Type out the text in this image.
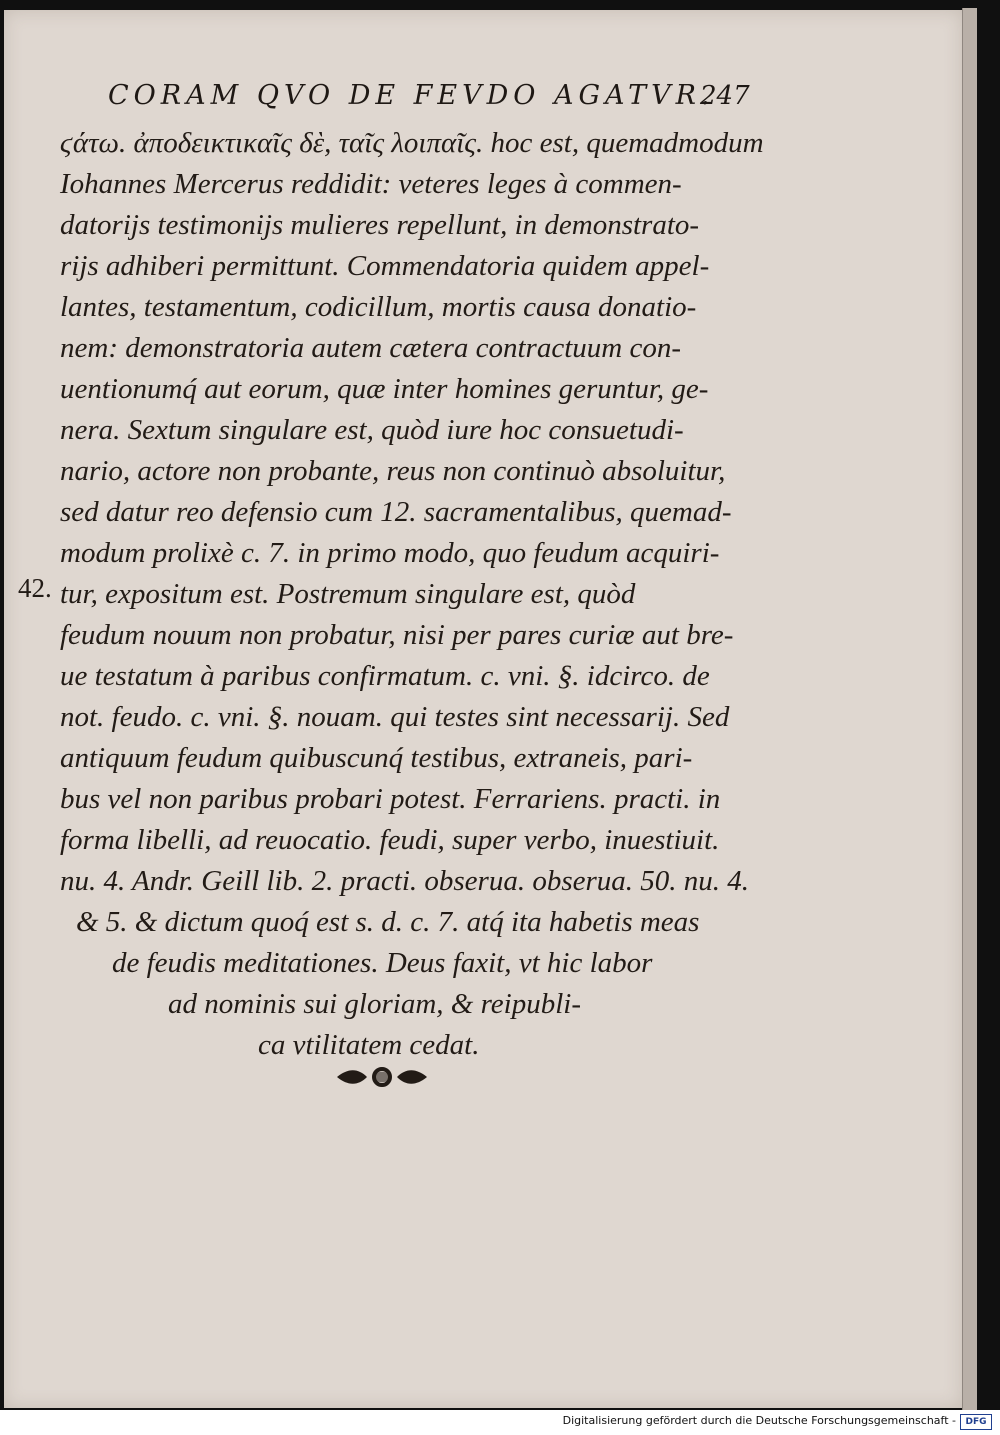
CORAM QVO DE FEVDO AGATVR.
247
42.
ϛάτω. ἀποδεικτικαῖς δὲ, ταῖς λοιπαῖς. hoc est, quemadmodum
Iohannes Mercerus reddidit: veteres leges à commen-
datorijs testimonijs mulieres repellunt, in demonstrato-
rijs adhiberi permittunt. Commendatoria quidem appel-
lantes, testamentum, codicillum, mortis causa donatio-
nem: demonstratoria autem cætera contractuum con-
uentionumq́ aut eorum, quæ inter homines geruntur, ge-
nera. Sextum singulare est, quòd iure hoc consuetudi-
nario, actore non probante, reus non continuò absoluitur,
sed datur reo defensio cum 12. sacramentalibus, quemad-
modum prolixè c. 7. in primo modo, quo feudum acquiri-
tur, expositum est. Postremum singulare est, quòd
feudum nouum non probatur, nisi per pares curiæ aut bre-
ue testatum à paribus confirmatum. c. vni. §. idcirco. de
not. feudo. c. vni. §. nouam. qui testes sint necessarij. Sed
antiquum feudum quibuscunq́ testibus, extraneis, pari-
bus vel non paribus probari potest. Ferrariens. practi. in
forma libelli, ad reuocatio. feudi, super verbo, inuestiuit.
nu. 4. Andr. Geill lib. 2. practi. obserua. obserua. 50. nu. 4.
& 5. & dictum quoq́ est s. d. c. 7. atq́ ita habetis meas
de feudis meditationes. Deus faxit, vt hic labor
ad nominis sui gloriam, & reipubli-
ca vtilitatem cedat.
Digitalisierung gefördert durch die Deutsche Forschungsgemeinschaft -	DFG
